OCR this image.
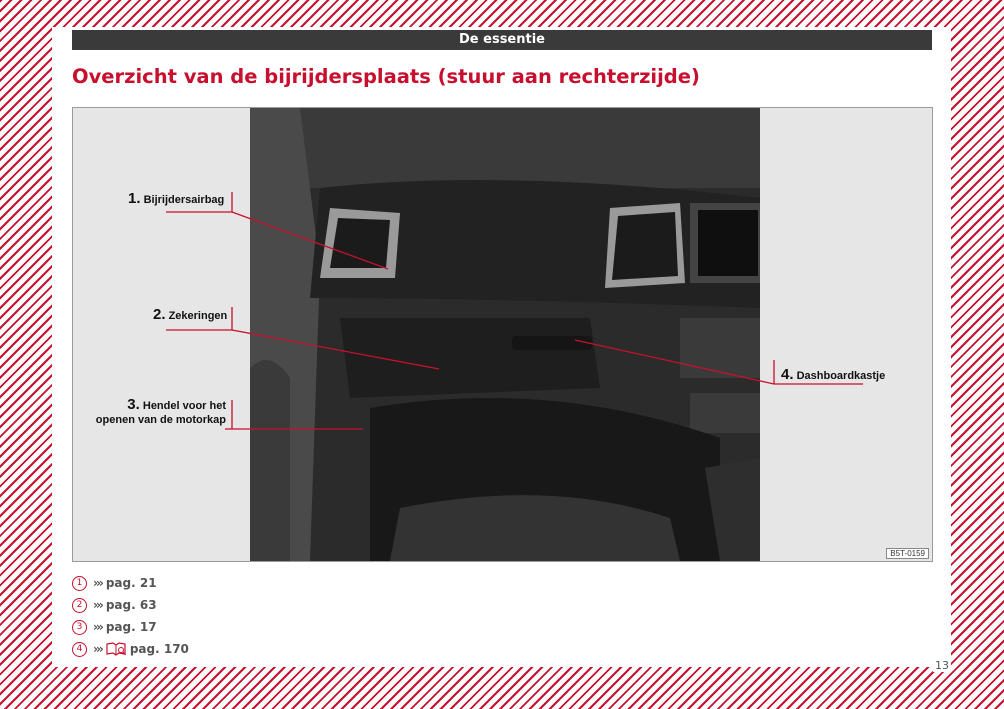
De essentie
Overzicht van de bijrijdersplaats (stuur aan rechterzijde)
1. Bijrijdersairbag
2. Zekeringen
3. Hendel voor het
openen van de motorkap
4. Dashboardkastje
B5T-0159
1 ››› pag. 21
2 ››› pag. 63
3 ››› pag. 17
4 ››› pag. 170
13
